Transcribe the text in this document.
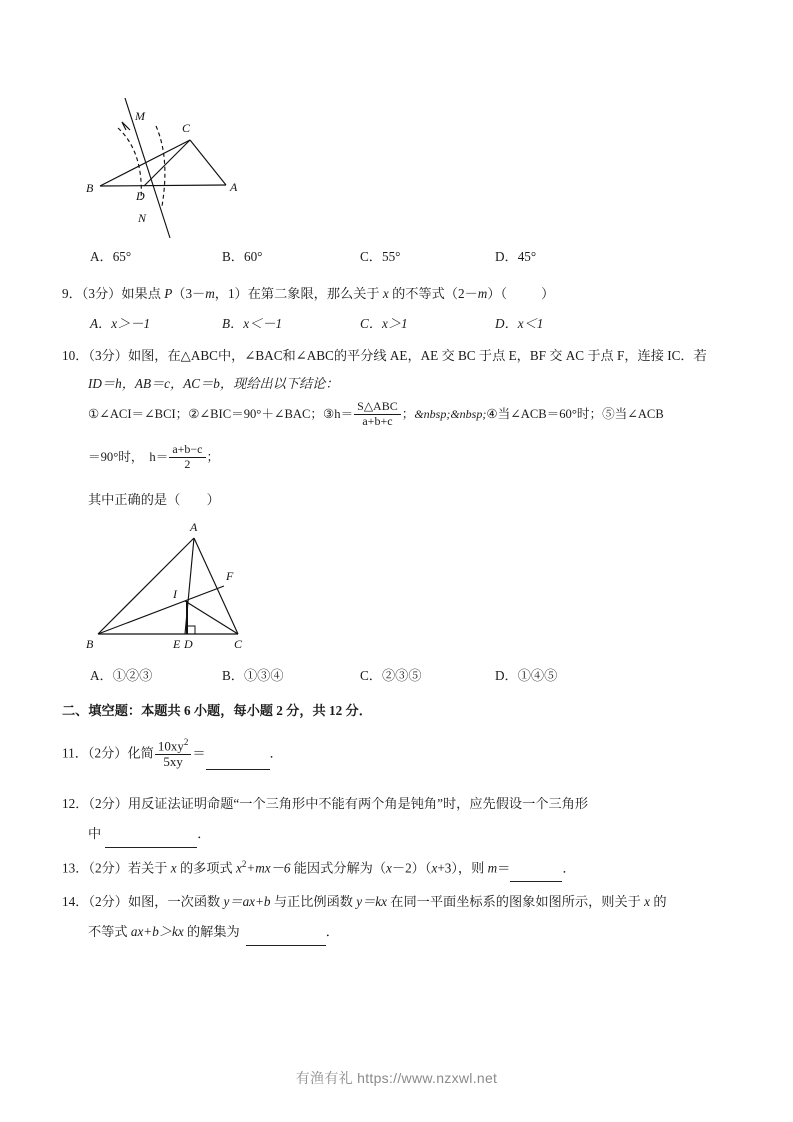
M
C
B
D
A
N
A．65°	B．60°	C．55°	D．45°
9．（3分）如果点 P（3－m，1）在第二象限，那么关于 x 的不等式（2－m）（	）
A．x＞－1	B．x＜－1	C．x＞1	D．x＜1
10．（3分）如图，在△ABC中，∠BAC和∠ABC的平分线 AE，AE 交 BC 于点 E，BF 交 AC 于点 F，连接 IC．若
ID＝h，AB＝c，AC＝b，现给出以下结论：
①∠ACI＝∠BCI；②∠BIC＝90°＋∠BAC；③h＝ $\frac{\text{S△ABC}}{a+b+c}$ ；&nbsp;&nbsp;④当∠ACB＝60°时；⑤当∠ACB
＝90°时， $h= \frac{a+b-c}{2}$ ；
其中正确的是（　　）
A
F
I
B	E D	C
A．①②③	B．①③④	C．②③⑤	D．①④⑤
二、填空题：本题共 6 小题，每小题 2 分，共 12 分．
11．（2分）化简 $\frac{10xy^2}{5xy}$ ＝	．
12．（2分）用反证法证明命题“一个三角形中不能有两个角是钝角”时，应先假设一个三角形
中	．
13．（2分）若关于 x 的多项式 $x^2+mx-6$ 能因式分解为（x－2）（x+3），则 m＝	．
14．（2分）如图，一次函数 y＝ax+b 与正比例函数 y＝kx 在同一平面坐标系的图象如图所示，则关于 x 的
不等式 ax+b＞kx 的解集为	．
有渔有礼 https://www.nzxwl.net
